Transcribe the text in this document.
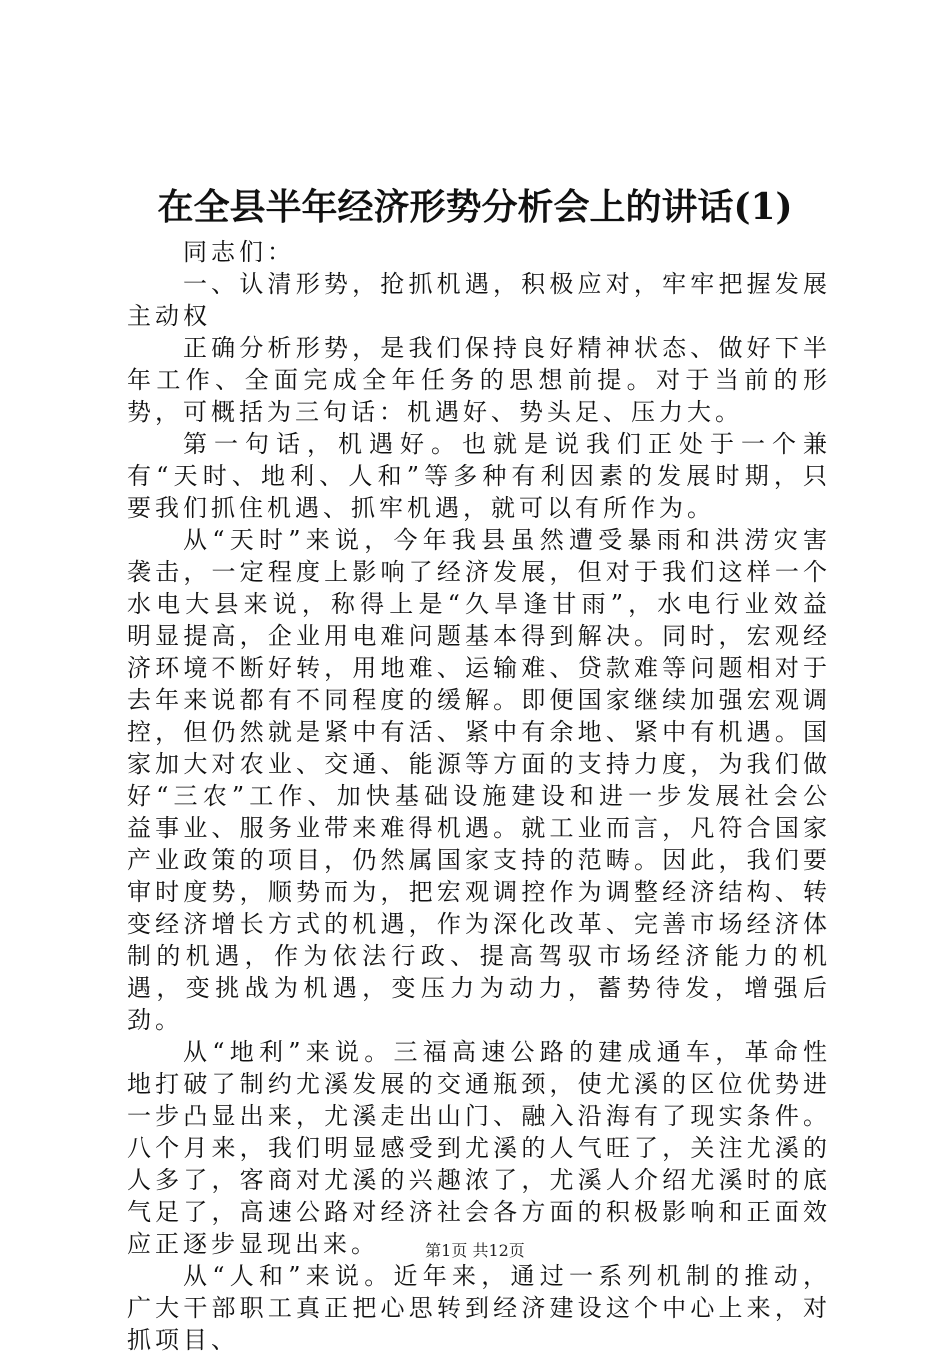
在全县半年经济形势分析会上的讲话(1)

同志们：

一、认清形势，抢抓机遇，积极应对，牢牢把握发展主动权

正确分析形势，是我们保持良好精神状态、做好下半年工作、全面完成全年任务的思想前提。对于当前的形势，可概括为三句话：机遇好、势头足、压力大。

第一句话，机遇好。也就是说我们正处于一个兼有“天时、地利、人和”等多种有利因素的发展时期，只要我们抓住机遇、抓牢机遇，就可以有所作为。

从“天时”来说，今年我县虽然遭受暴雨和洪涝灾害袭击，一定程度上影响了经济发展，但对于我们这样一个水电大县来说，称得上是“久旱逢甘雨”，水电行业效益明显提高，企业用电难问题基本得到解决。同时，宏观经济环境不断好转，用地难、运输难、贷款难等问题相对于去年来说都有不同程度的缓解。即便国家继续加强宏观调控，但仍然就是紧中有活、紧中有余地、紧中有机遇。国家加大对农业、交通、能源等方面的支持力度，为我们做好“三农”工作、加快基础设施建设和进一步发展社会公益事业、服务业带来难得机遇。就工业而言，凡符合国家产业政策的项目，仍然属国家支持的范畴。因此，我们要审时度势，顺势而为，把宏观调控作为调整经济结构、转变经济增长方式的机遇，作为深化改革、完善市场经济体制的机遇，作为依法行政、提高驾驭市场经济能力的机遇，变挑战为机遇，变压力为动力，蓄势待发，增强后劲。

从“地利”来说。三福高速公路的建成通车，革命性地打破了制约尤溪发展的交通瓶颈，使尤溪的区位优势进一步凸显出来，尤溪走出山门、融入沿海有了现实条件。八个月来，我们明显感受到尤溪的人气旺了，关注尤溪的人多了，客商对尤溪的兴趣浓了，尤溪人介绍尤溪时的底气足了，高速公路对经济社会各方面的积极影响和正面效应正逐步显现出来。

从“人和”来说。近年来，通过一系列机制的推动，广大干部职工真正把心思转到经济建设这个中心上来，对抓项目、

第1页 共12页
